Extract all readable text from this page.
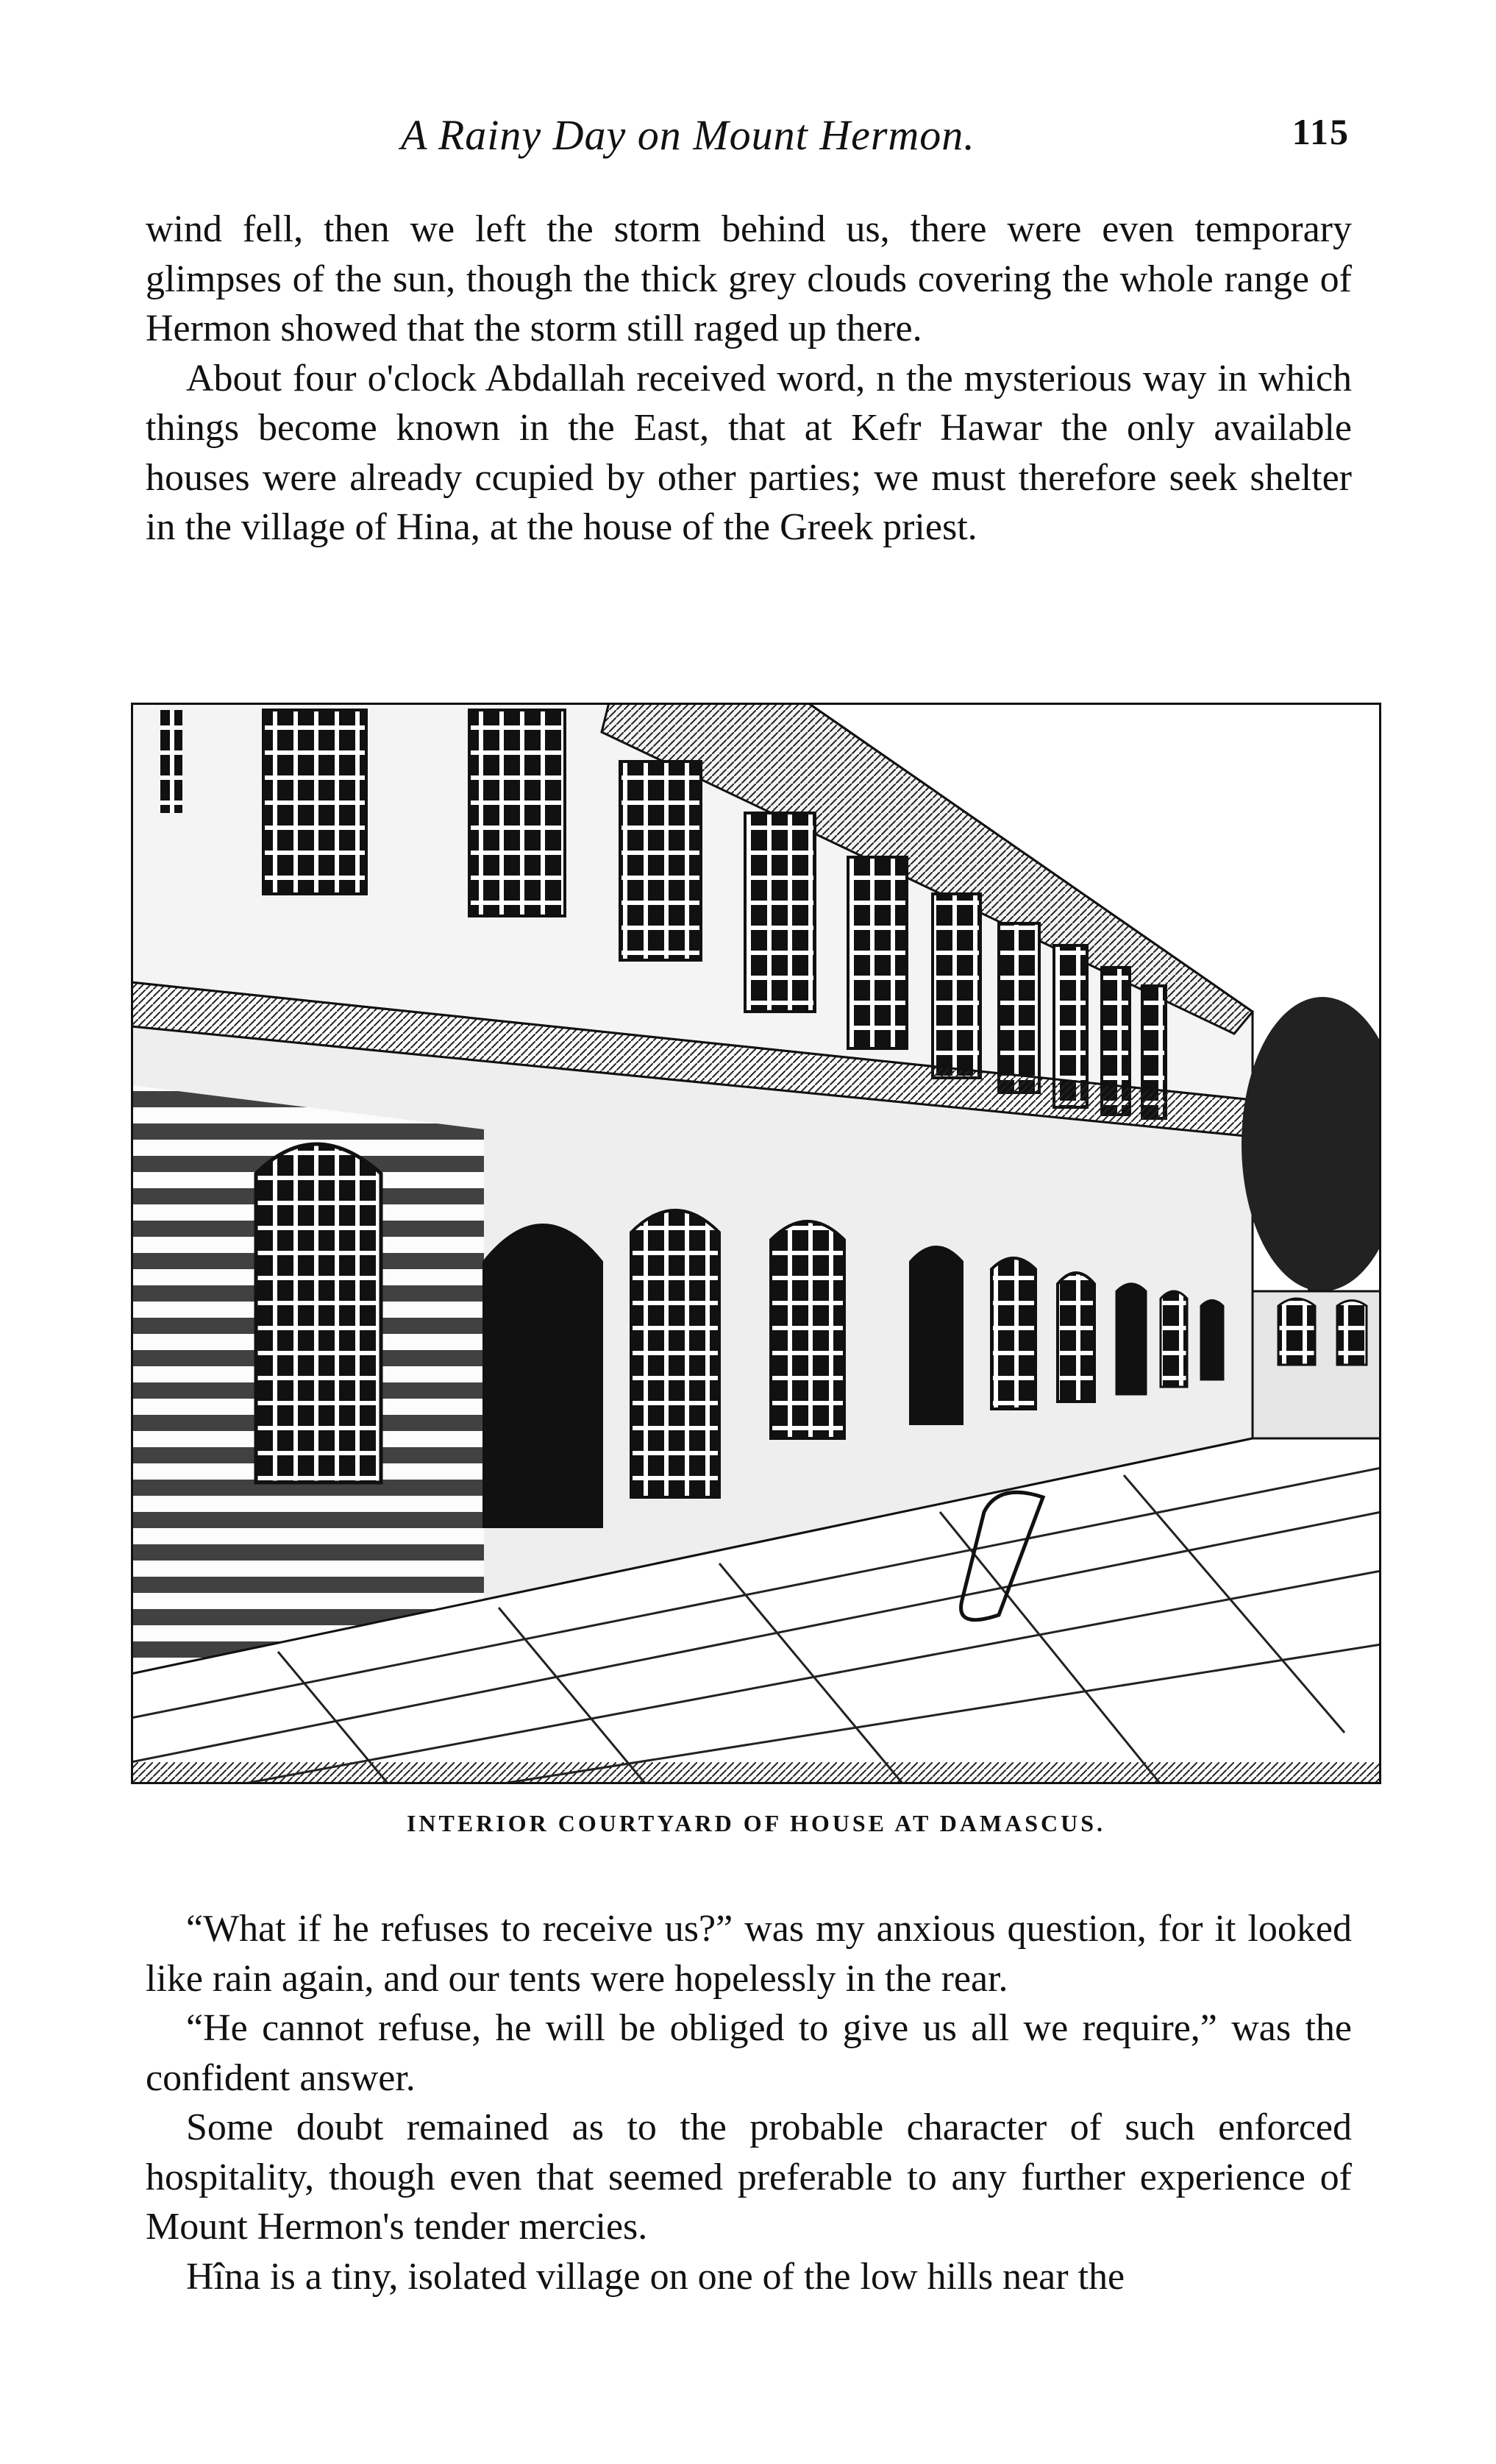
A Rainy Day on Mount Hermon.	115

wind fell, then we left the storm behind us, there were even temporary glimpses of the sun, though the thick grey clouds covering the whole range of Hermon showed that the storm still raged up there.

About four o'clock Abdallah received word, n the mysterious way in which things become known in the East, that at Kefr Hawar the only available houses were already ccupied by other parties; we must therefore seek shelter in the village of Hina, at the house of the Greek priest.

INTERIOR COURTYARD OF HOUSE AT DAMASCUS.

“What if he refuses to receive us?” was my anxious question, for it looked like rain again, and our tents were hopelessly in the rear.

“He cannot refuse, he will be obliged to give us all we require,” was the confident answer.

Some doubt remained as to the probable character of such enforced hospitality, though even that seemed preferable to any further experience of Mount Hermon's tender mercies.

Hîna is a tiny, isolated village on one of the low hills near the
